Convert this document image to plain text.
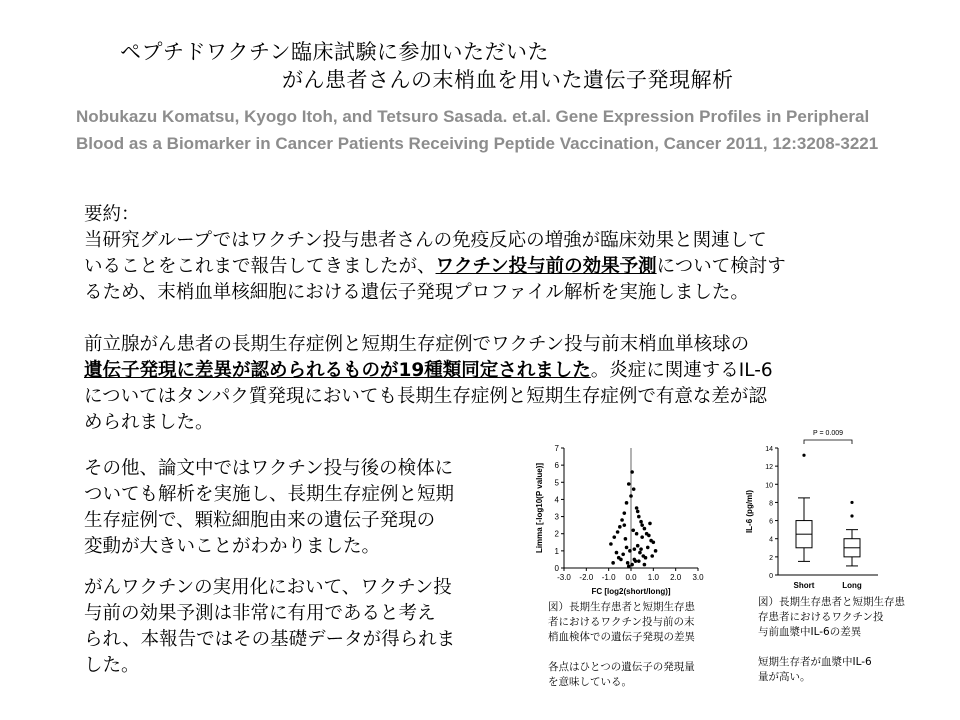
ペプチドワクチン臨床試験に参加いただいた
がん患者さんの末梢血を用いた遺伝子発現解析
Nobukazu Komatsu, Kyogo Itoh, and Tetsuro Sasada. et.al. Gene Expression Profiles in Peripheral Blood as a Biomarker in Cancer Patients Receiving Peptide Vaccination, Cancer 2011, 12:3208-3221
要約：
当研究グループではワクチン投与患者さんの免疫反応の増強が臨床効果と関連して
いることをこれまで報告してきましたが、ワクチン投与前の効果予測について検討す
るため、末梢血単核細胞における遺伝子発現プロファイル解析を実施しました。
前立腺がん患者の長期生存症例と短期生存症例でワクチン投与前末梢血単核球の
遺伝子発現に差異が認められるものが19種類同定されました。炎症に関連するIL-6
についてはタンパク質発現においても長期生存症例と短期生存症例で有意な差が認
められました。
その他、論文中ではワクチン投与後の検体に
ついても解析を実施し、長期生存症例と短期
生存症例で、顆粒細胞由来の遺伝子発現の
変動が大きいことがわかりました。
がんワクチンの実用化において、ワクチン投
与前の効果予測は非常に有用であると考え
られ、本報告ではその基礎データが得られま
した。
0
1
2
3
4
5
6
7
-3.0 -2.0 -1.0 0.0 1.0 2.0 3.0
FC [log2(short/long)]
Limma [-log10(P value)]
図）長期生存患者と短期生存患
者におけるワクチン投与前の末
梢血検体での遺伝子発現の差異
各点はひとつの遺伝子の発現量
を意味している。
0
2
4
6
8
10
12
14
Short	Long
P = 0.009
IL-6 (pg/ml)
図）長期生存患者と短期生存患
存患者におけるワクチン投
与前血漿中IL-6の差異
短期生存者が血漿中IL-6
量が高い。
